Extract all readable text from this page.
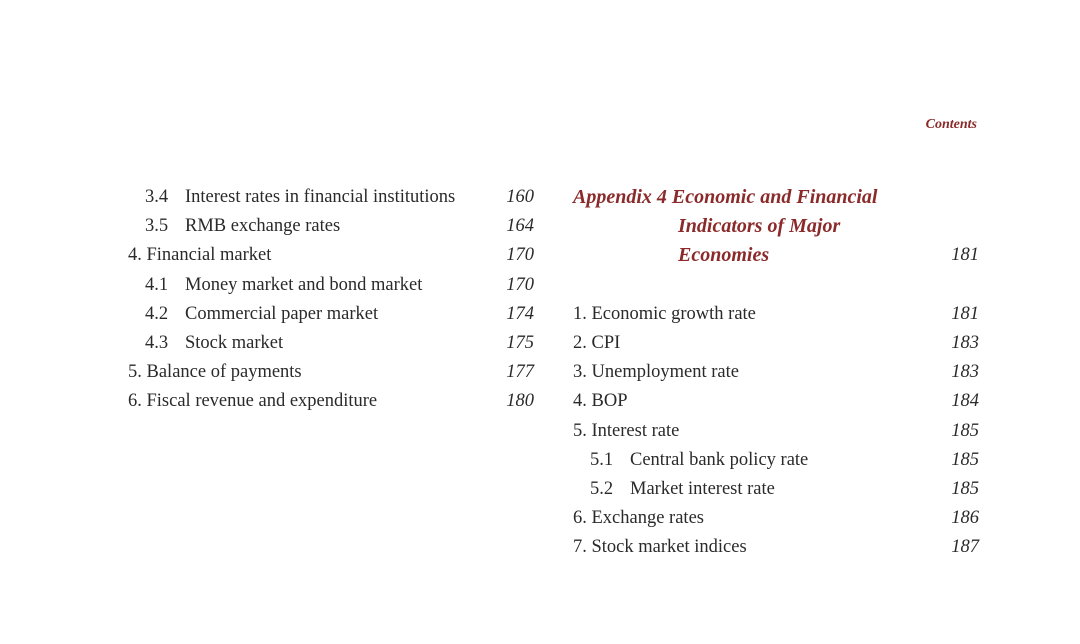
Contents
3.4 Interest rates in financial institutions	160
3.5 RMB exchange rates	164
4. Financial market	170
4.1 Money market and bond market	170
4.2 Commercial paper market	174
4.3 Stock market	175
5. Balance of payments	177
6. Fiscal revenue and expenditure	180
Appendix 4 Economic and Financial
Indicators of Major
Economies	181
1. Economic growth rate	181
2. CPI	183
3. Unemployment rate	183
4. BOP	184
5. Interest rate	185
5.1 Central bank policy rate	185
5.2 Market interest rate	185
6. Exchange rates	186
7. Stock market indices	187
